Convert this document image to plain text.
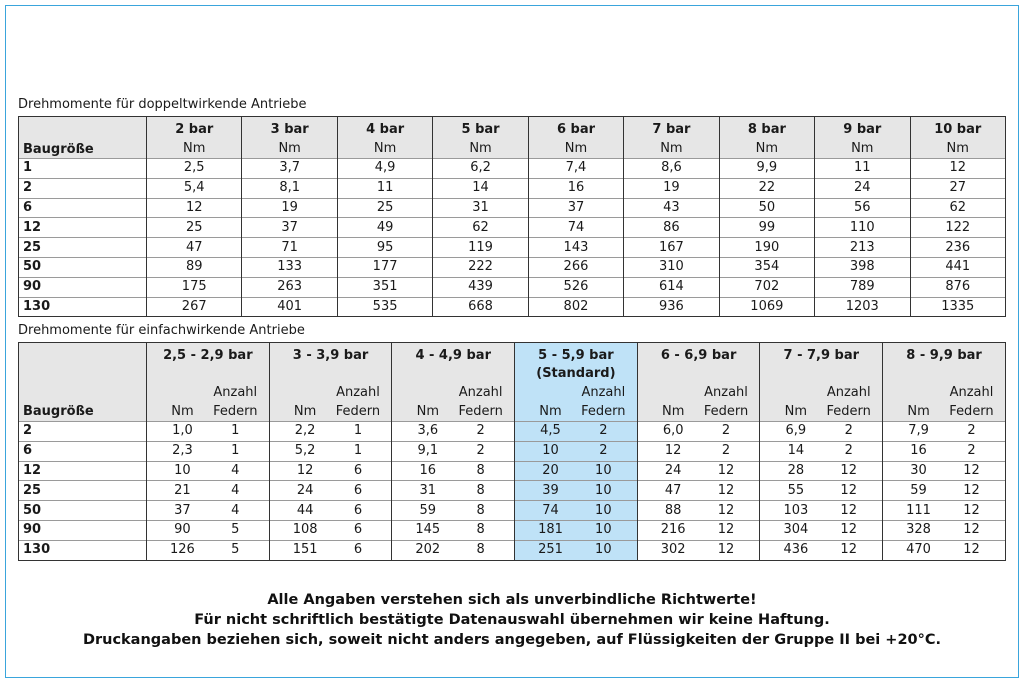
Drehmomente für doppeltwirkende Antriebe
	2 bar	3 bar	4 bar	5 bar	6 bar	7 bar	8 bar	9 bar	10 bar
Baugröße	Nm	Nm	Nm	Nm	Nm	Nm	Nm	Nm	Nm
1	2,5	3,7	4,9	6,2	7,4	8,6	9,9	11	12
2	5,4	8,1	11	14	16	19	22	24	27
6	12	19	25	31	37	43	50	56	62
12	25	37	49	62	74	86	99	110	122
25	47	71	95	119	143	167	190	213	236
50	89	133	177	222	266	310	354	398	441
90	175	263	351	439	526	614	702	789	876
130	267	401	535	668	802	936	1069	1203	1335
Drehmomente für einfachwirkende Antriebe
	2,5 - 2,9 bar		3 - 3,9 bar		4 - 4,9 bar		5 - 5,9 bar		6 - 6,9 bar		7 - 7,9 bar		8 - 9,9 bar	
							(Standard)							
		Anzahl		Anzahl		Anzahl		Anzahl		Anzahl		Anzahl		Anzahl
Baugröße	Nm	Federn	Nm	Federn	Nm	Federn	Nm	Federn	Nm	Federn	Nm	Federn	Nm	Federn
2	1,0	1	2,2	1	3,6	2	4,5	2	6,0	2	6,9	2	7,9	2
6	2,3	1	5,2	1	9,1	2	10	2	12	2	14	2	16	2
12	10	4	12	6	16	8	20	10	24	12	28	12	30	12
25	21	4	24	6	31	8	39	10	47	12	55	12	59	12
50	37	4	44	6	59	8	74	10	88	12	103	12	111	12
90	90	5	108	6	145	8	181	10	216	12	304	12	328	12
130	126	5	151	6	202	8	251	10	302	12	436	12	470	12
Alle Angaben verstehen sich als unverbindliche Richtwerte!
Für nicht schriftlich bestätigte Datenauswahl übernehmen wir keine Haftung.
Druckangaben beziehen sich, soweit nicht anders angegeben, auf Flüssigkeiten der Gruppe II bei +20°C.
